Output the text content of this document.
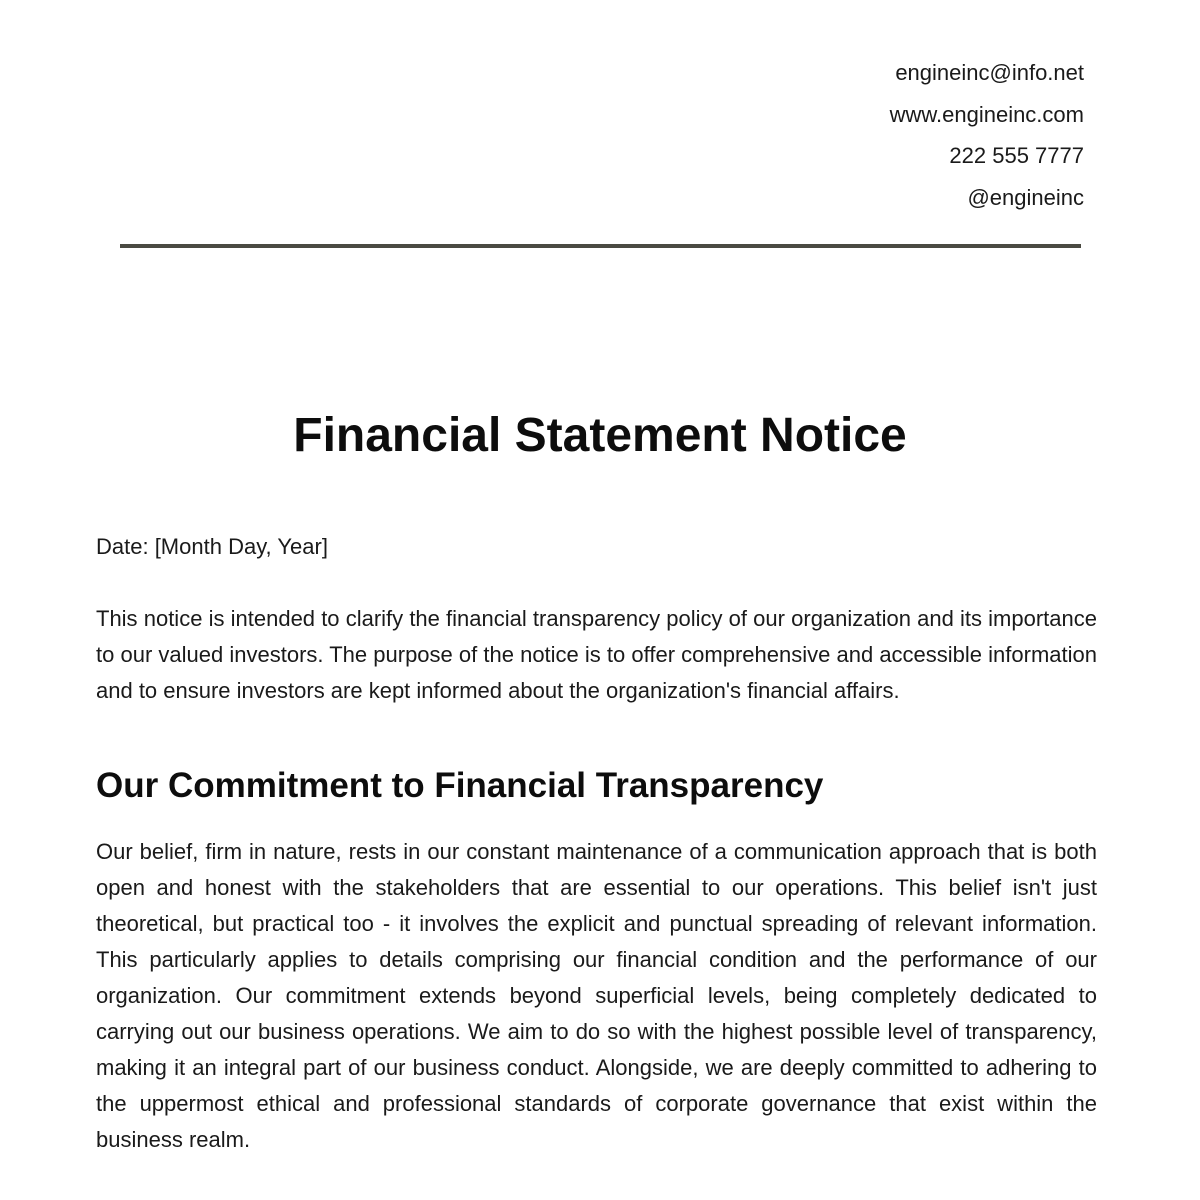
engineinc@info.net
www.engineinc.com
222 555 7777
@engineinc
Financial Statement Notice
Date: [Month Day, Year]

This notice is intended to clarify the financial transparency policy of our organization and its importance to our valued investors. The purpose of the notice is to offer comprehensive and accessible information and to ensure investors are kept informed about the organization's financial affairs.

Our Commitment to Financial Transparency

Our belief, firm in nature, rests in our constant maintenance of a communication approach that is both open and honest with the stakeholders that are essential to our operations. This belief isn't just theoretical, but practical too - it involves the explicit and punctual spreading of relevant information. This particularly applies to details comprising our financial condition and the performance of our organization. Our commitment extends beyond superficial levels, being completely dedicated to carrying out our business operations. We aim to do so with the highest possible level of transparency, making it an integral part of our business conduct. Alongside, we are deeply committed to adhering to the uppermost ethical and professional standards of corporate governance that exist within the business realm.
